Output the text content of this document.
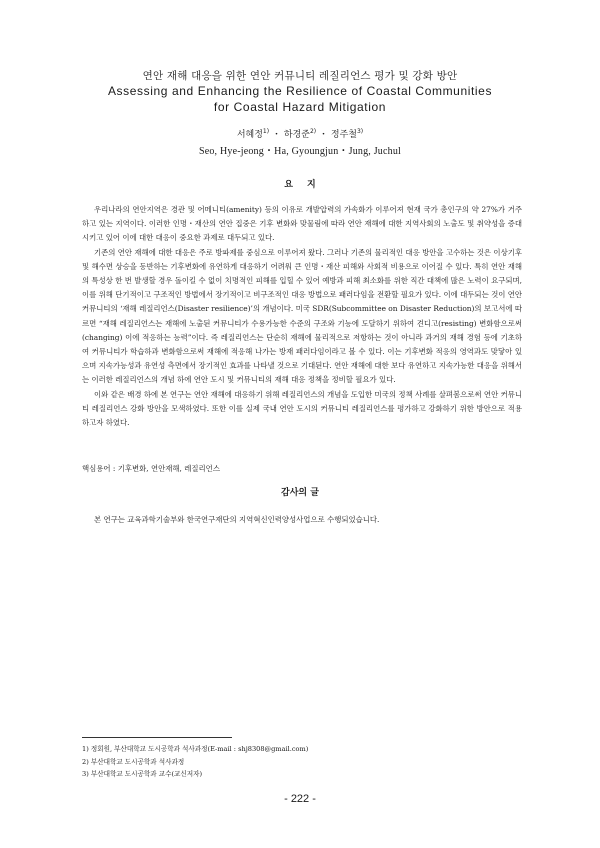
연안 재해 대응을 위한 연안 커뮤니티 레질리언스 평가 및 강화 방안
Assessing and Enhancing the Resilience of Coastal Communities
for Coastal Hazard Mitigation
서혜정$^{1)}$ ・ 하경준$^{2)}$ ・ 정주철$^{3)}$
Seo, Hye-jeong・Ha, Gyoungjun・Jung, Juchul
요지

우리나라의 연안지역은 경관 및 어메니티(amenity) 등의 이유로 개발압력의 가속화가 이루어져 현재 국가 총인구의 약 27%가 거주하고 있는 지역이다. 이러한 인명・재산의 연안 집중은 기후 변화와 맞물림에 따라 연안 재해에 대한 지역사회의 노출도 및 취약성을 증대시키고 있어 이에 대한 대응이 중요한 과제로 대두되고 있다.

기존의 연안 재해에 대한 대응은 주로 방파제를 중심으로 이루어져 왔다. 그러나 기존의 물리적인 대응 방안을 고수하는 것은 이상기후 및 해수면 상승을 동반하는 기후변화에 유연하게 대응하기 어려워 큰 인명・재산 피해와 사회적 비용으로 이어질 수 있다. 특히 연안 재해의 특성상 한 번 발생할 경우 돌이킬 수 없이 치명적인 피해를 입힐 수 있어 예방과 피해 최소화를 위한 직간 대책에 많은 노력이 요구되며, 이를 위해 단기적이고 구조적인 방법에서 장기적이고 비구조적인 대응 방법으로 패러다임을 전환할 필요가 있다. 이에 대두되는 것이 연안 커뮤니티의 ‘재해 레질리언스(Disaster resilience)’의 개념이다. 미국 SDR(Subcommittee on Disaster Reduction)의 보고서에 따르면 “재해 레질리언스는 재해에 노출된 커뮤니티가 수용가능한 수준의 구조와 기능에 도달하기 위하여 견디고(resisting) 변화함으로써(changing) 이에 적응하는 능력”이다. 즉 레질리언스는 단순히 재해에 물리적으로 저항하는 것이 아니라 과거의 재해 경험 등에 기초하여 커뮤니티가 학습하과 변화함으로써 재해에 적응해 나가는 방재 패러다임이라고 볼 수 있다. 이는 기후변화 적응의 영역과도 맞닿아 있으며 지속가능성과 유연성 측면에서 장기적인 효과를 나타낼 것으로 기대된다. 연안 재해에 대한 보다 유연하고 지속가능한 대응을 위해서는 이러한 레질리언스의 개념 하에 연안 도시 및 커뮤니티의 재해 대응 정책을 정비할 필요가 있다.

이와 같은 배경 하에 본 연구는 연안 재해에 대응하기 위해 레질리언스의 개념을 도입한 미국의 정책 사례를 살펴봄으로써 연안 커뮤니티 레질리언스 강화 방안을 모색하였다. 또한 이를 실제 국내 연안 도시의 커뮤니티 레질리언스를 평가하고 강화하기 위한 방안으로 적용하고자 하였다.

핵심용어 : 기후변화, 연안재해, 레질리언스
감사의 글
본 연구는 교육과학기술부와 한국연구재단의 지역혁신인력양성사업으로 수행되었습니다.
1) 정회원, 부산대학교 도시공학과 석사과정(E-mail : shj8308@gmail.com)
2) 부산대학교 도시공학과 석사과정
3) 부산대학교 도시공학과 교수(교신저자)
- 222 -
